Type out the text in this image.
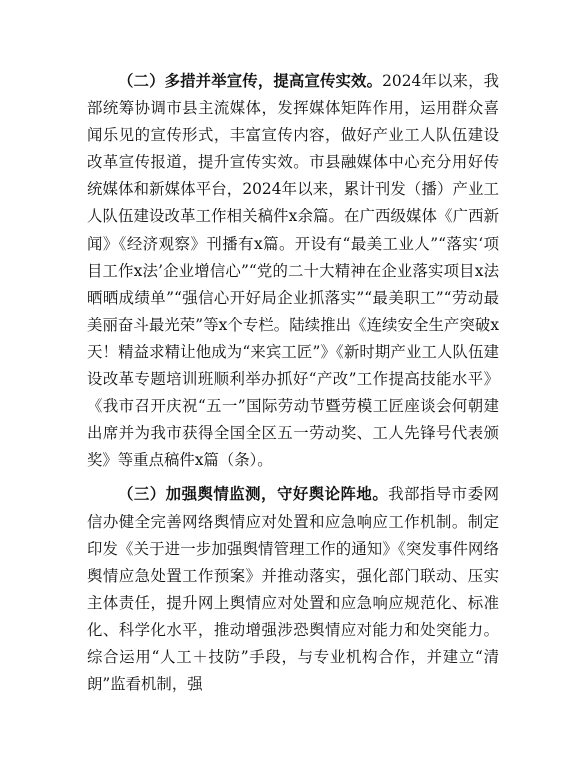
（二）多措并举宣传，提高宣传实效。2024年以来，我部统筹协调市县主流媒体，发挥媒体矩阵作用，运用群众喜闻乐见的宣传形式，丰富宣传内容，做好产业工人队伍建设改革宣传报道，提升宣传实效。市县融媒体中心充分用好传统媒体和新媒体平台，2024年以来，累计刊发（播）产业工人队伍建设改革工作相关稿件x余篇。在广西级媒体《广西新闻》《经济观察》刊播有x篇。开设有“最美工业人”“落实‘项目工作x法’企业增信心”“党的二十大精神在企业落实项目x法晒晒成绩单”“强信心开好局企业抓落实”“最美职工”“劳动最美丽奋斗最光荣”等x个专栏。陆续推出《连续安全生产突破x天！精益求精让他成为“来宾工匠”》《新时期产业工人队伍建设改革专题培训班顺利举办抓好“产改”工作提高技能水平》《我市召开庆祝“五一”国际劳动节暨劳模工匠座谈会何朝建出席并为我市获得全国全区五一劳动奖、工人先锋号代表颁奖》等重点稿件x篇（条）。

（三）加强舆情监测，守好舆论阵地。我部指导市委网信办健全完善网络舆情应对处置和应急响应工作机制。制定印发《关于进一步加强舆情管理工作的通知》《突发事件网络舆情应急处置工作预案》并推动落实，强化部门联动、压实主体责任，提升网上舆情应对处置和应急响应规范化、标准化、科学化水平，推动增强涉恐舆情应对能力和处突能力。综合运用“人工＋技防”手段，与专业机构合作，并建立“清朗”监看机制，强
